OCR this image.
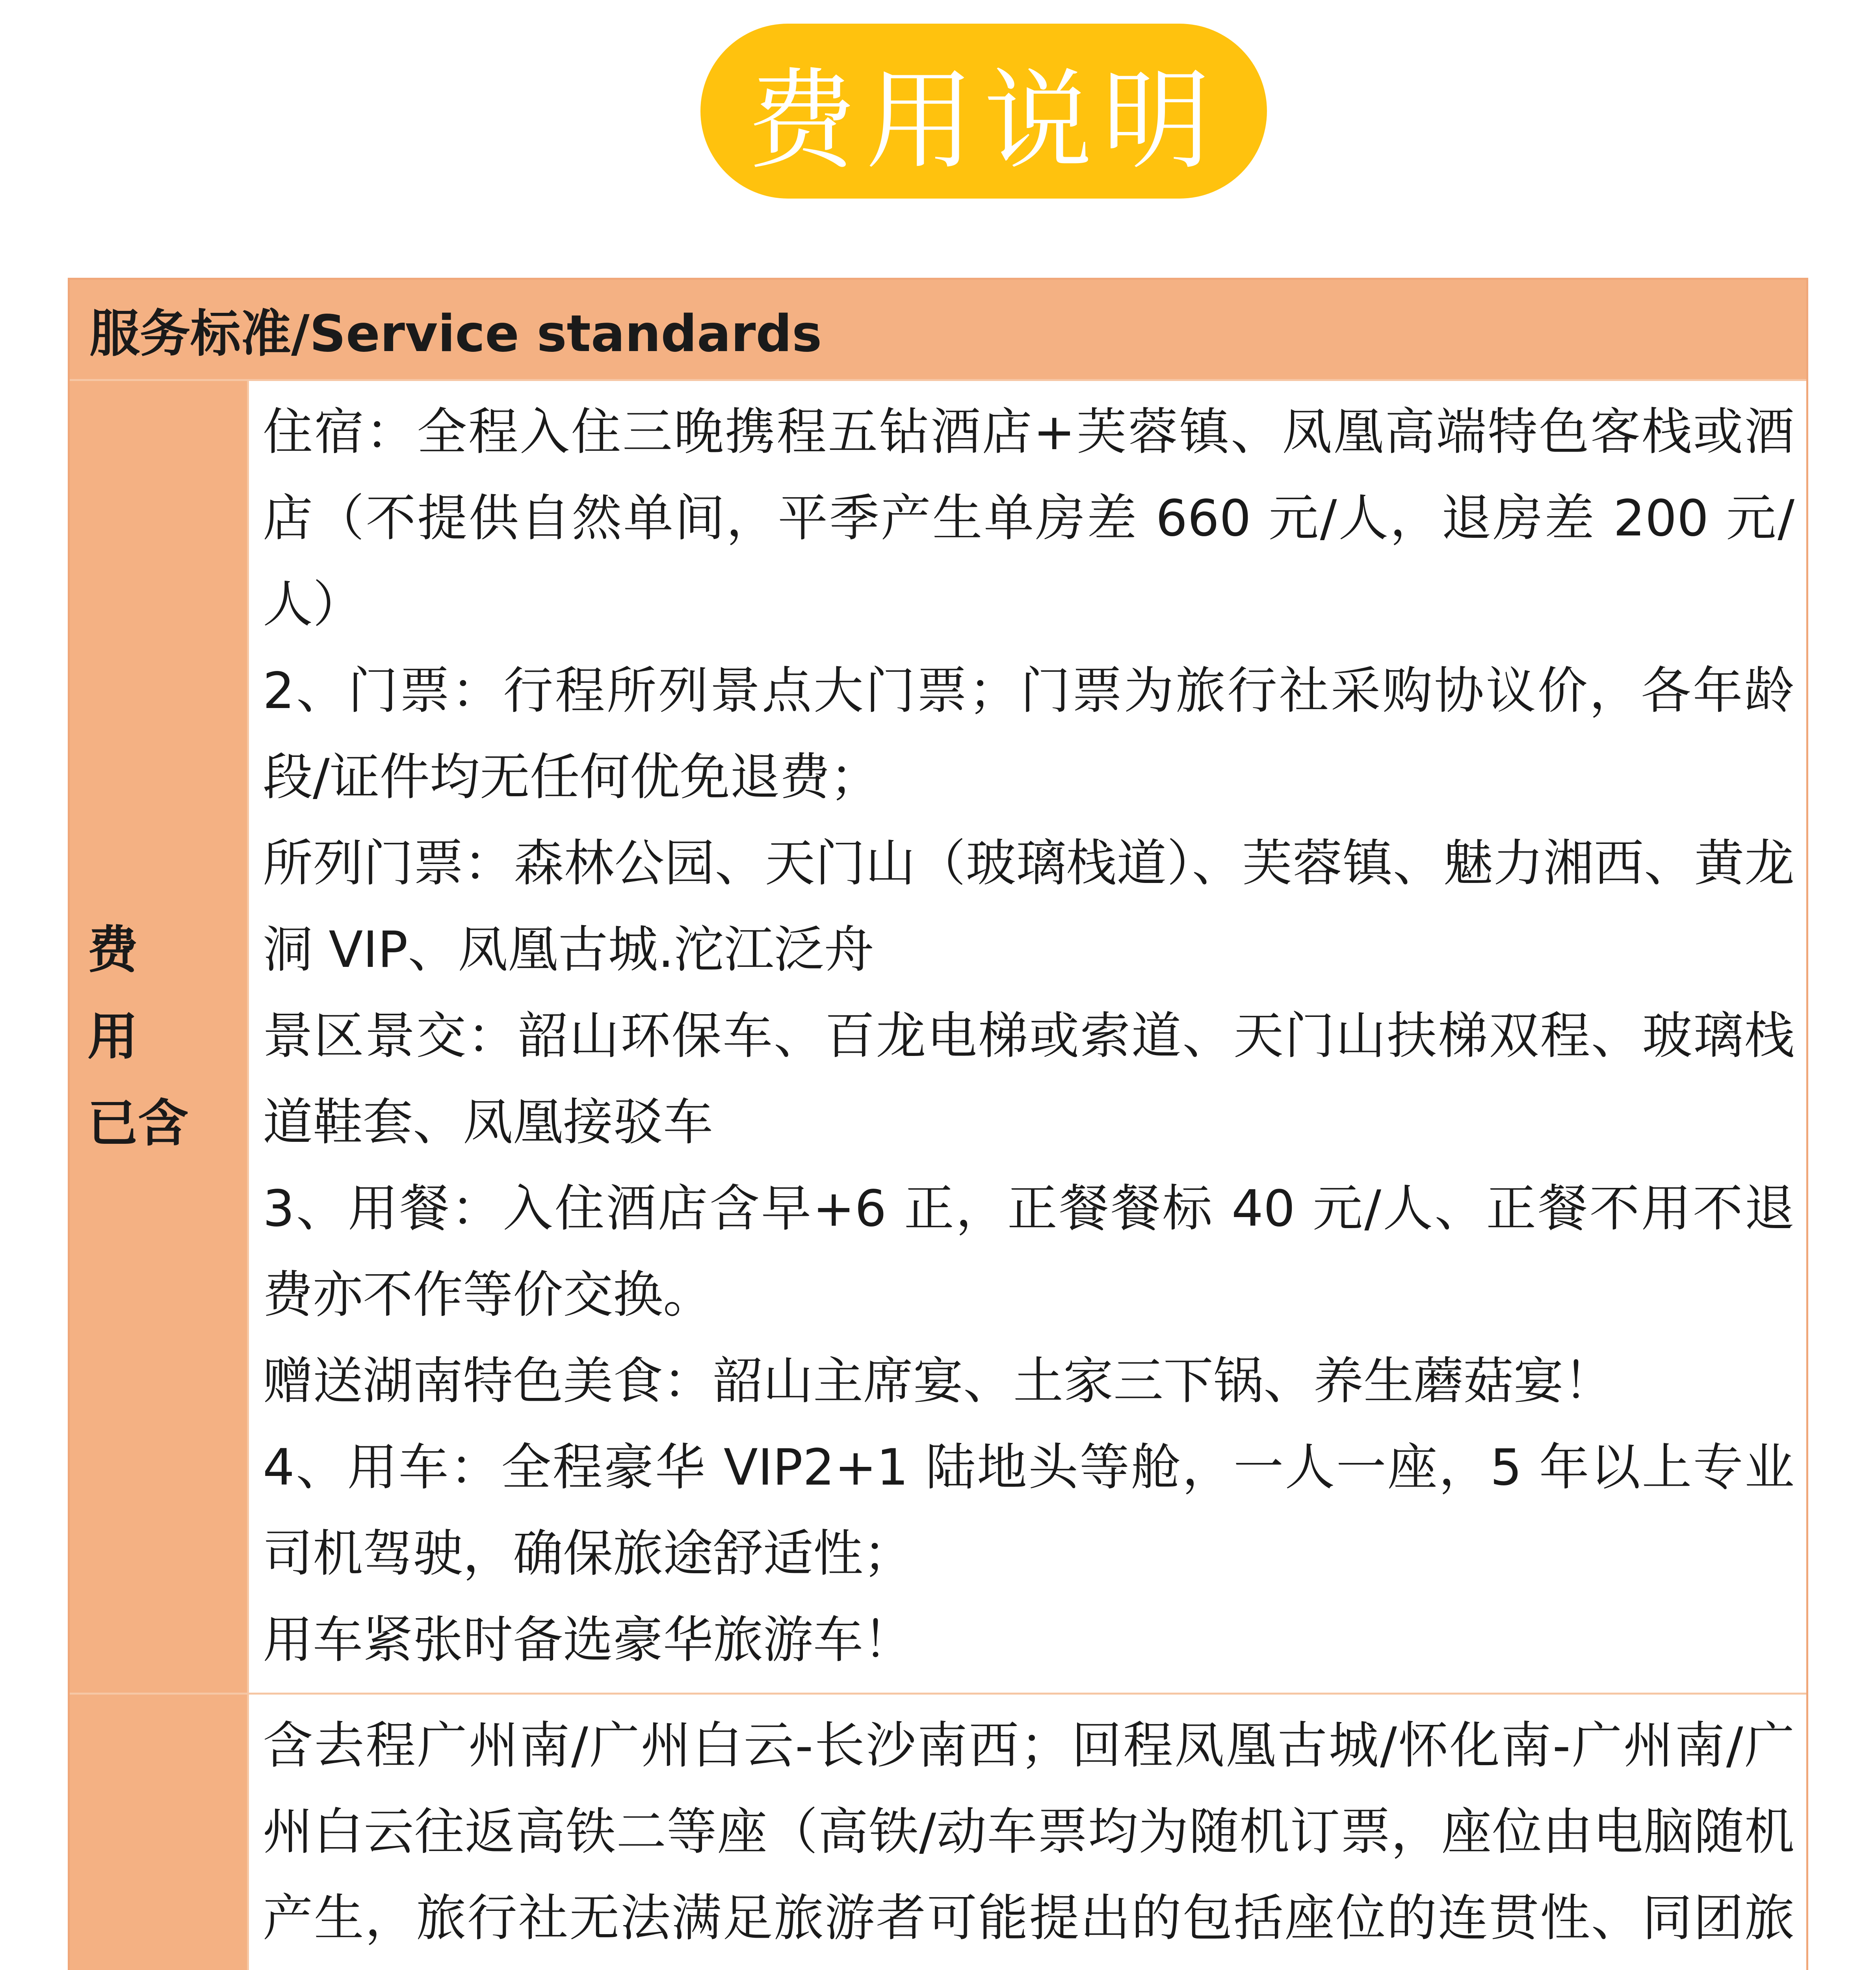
费用说明
服务标准/Service standards
费 用
已含

住宿：全程入住三晚携程五钻酒店+芙蓉镇、凤凰高端特色客栈或酒店（不提供自然单间，平季产生单房差 660 元/人，退房差 200 元/人）

2、门票：行程所列景点大门票；门票为旅行社采购协议价，各年龄段/证件均无任何优免退费；

所列门票：森林公园、天门山（玻璃栈道）、芙蓉镇、魅力湘西、黄龙洞 VIP、凤凰古城.沱江泛舟

景区景交：韶山环保车、百龙电梯或索道、天门山扶梯双程、玻璃栈道鞋套、凤凰接驳车

3、用餐：入住酒店含早+6 正，正餐餐标 40 元/人、正餐不用不退费亦不作等价交换。

赠送湖南特色美食：韶山主席宴、土家三下锅、养生蘑菇宴！

4、用车：全程豪华 VIP2+1 陆地头等舱，一人一座，5 年以上专业司机驾驶，确保旅途舒适性；

用车紧张时备选豪华旅游车！

含去程广州南/广州白云-长沙南西；回程凤凰古城/怀化南-广州南/广州白云往返高铁二等座（高铁/动车票均为随机订票，座位由电脑随机产生，旅行社无法满足旅游者可能提出的包括座位的连贯性、同团旅
